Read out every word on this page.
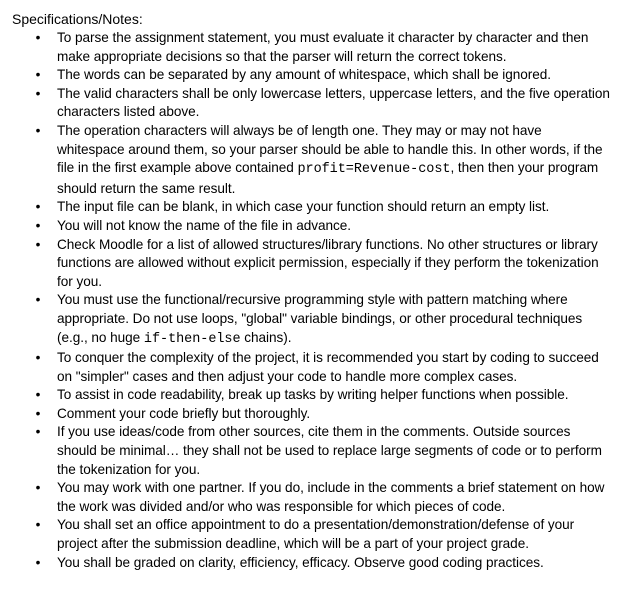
Specifications/Notes:
• To parse the assignment statement, you must evaluate it character by character and then make appropriate decisions so that the parser will return the correct tokens.
• The words can be separated by any amount of whitespace, which shall be ignored.
• The valid characters shall be only lowercase letters, uppercase letters, and the five operation characters listed above.
• The operation characters will always be of length one. They may or may not have whitespace around them, so your parser should be able to handle this. In other words, if the file in the first example above contained profit=Revenue-cost, then then your program should return the same result.
• The input file can be blank, in which case your function should return an empty list.
• You will not know the name of the file in advance.
• Check Moodle for a list of allowed structures/library functions. No other structures or library functions are allowed without explicit permission, especially if they perform the tokenization for you.
• You must use the functional/recursive programming style with pattern matching where appropriate. Do not use loops, "global" variable bindings, or other procedural techniques (e.g., no huge if-then-else chains).
• To conquer the complexity of the project, it is recommended you start by coding to succeed on "simpler" cases and then adjust your code to handle more complex cases.
• To assist in code readability, break up tasks by writing helper functions when possible.
• Comment your code briefly but thoroughly.
• If you use ideas/code from other sources, cite them in the comments. Outside sources should be minimal… they shall not be used to replace large segments of code or to perform the tokenization for you.
• You may work with one partner. If you do, include in the comments a brief statement on how the work was divided and/or who was responsible for which pieces of code.
• You shall set an office appointment to do a presentation/demonstration/defense of your project after the submission deadline, which will be a part of your project grade.
• You shall be graded on clarity, efficiency, efficacy. Observe good coding practices.
